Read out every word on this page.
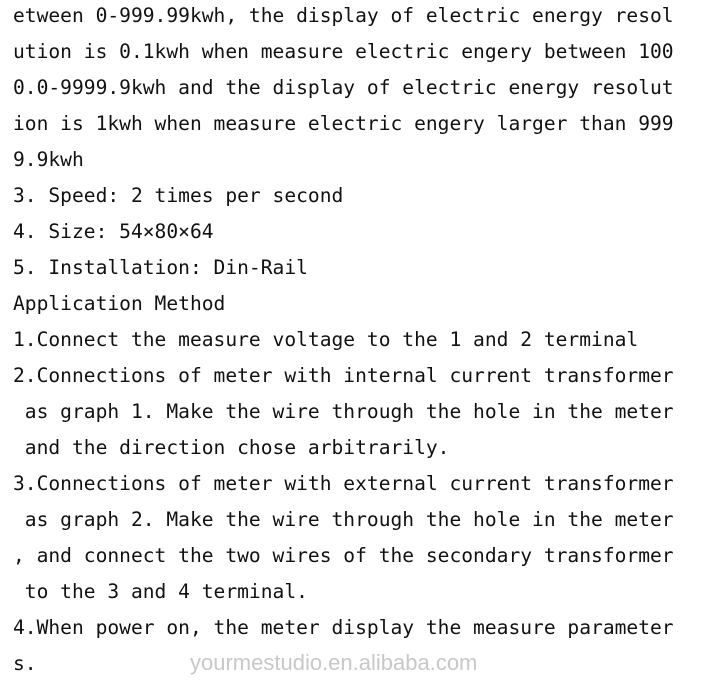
etween 0-999.99kwh, the display of electric energy resol

ution is 0.1kwh when measure electric engery between 100

0.0-9999.9kwh and the display of electric energy resolut

ion is 1kwh when measure electric engery larger than 999

9.9kwh

3. Speed: 2 times per second

4. Size: 54×80×64

5. Installation: Din-Rail

Application Method

1.Connect the measure voltage to the 1 and 2 terminal

2.Connections of meter with internal current transformer

as graph 1. Make the wire through the hole in the meter

and the direction chose arbitrarily.

3.Connections of meter with external current transformer

as graph 2. Make the wire through the hole in the meter

, and connect the two wires of the secondary transformer

to the 3 and 4 terminal.

4.When power on, the meter display the measure parameter

s.	yourmestudio.en.alibaba.com
